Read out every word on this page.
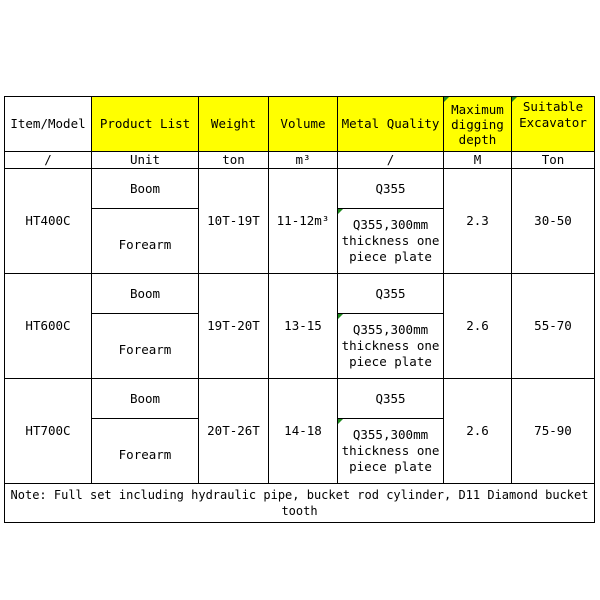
Item/Model	Product List	Weight	Volume	Metal Quality	Maximum
digging
depth	Suitable
Excavator
/	Unit	ton	m³	/	M	Ton
HT400C	Boom	10T-19T	11-12m³	Q355	2.3	30-50
	Forearm			Q355,300mm
thickness one
piece plate		
HT600C	Boom	19T-20T	13-15	Q355	2.6	55-70
	Forearm			Q355,300mm
thickness one
piece plate		
HT700C	Boom	20T-26T	14-18	Q355	2.6	75-90
	Forearm			Q355,300mm
thickness one
piece plate		
Note: Full set including hydraulic pipe, bucket rod cylinder, D11 Diamond bucket tooth						
